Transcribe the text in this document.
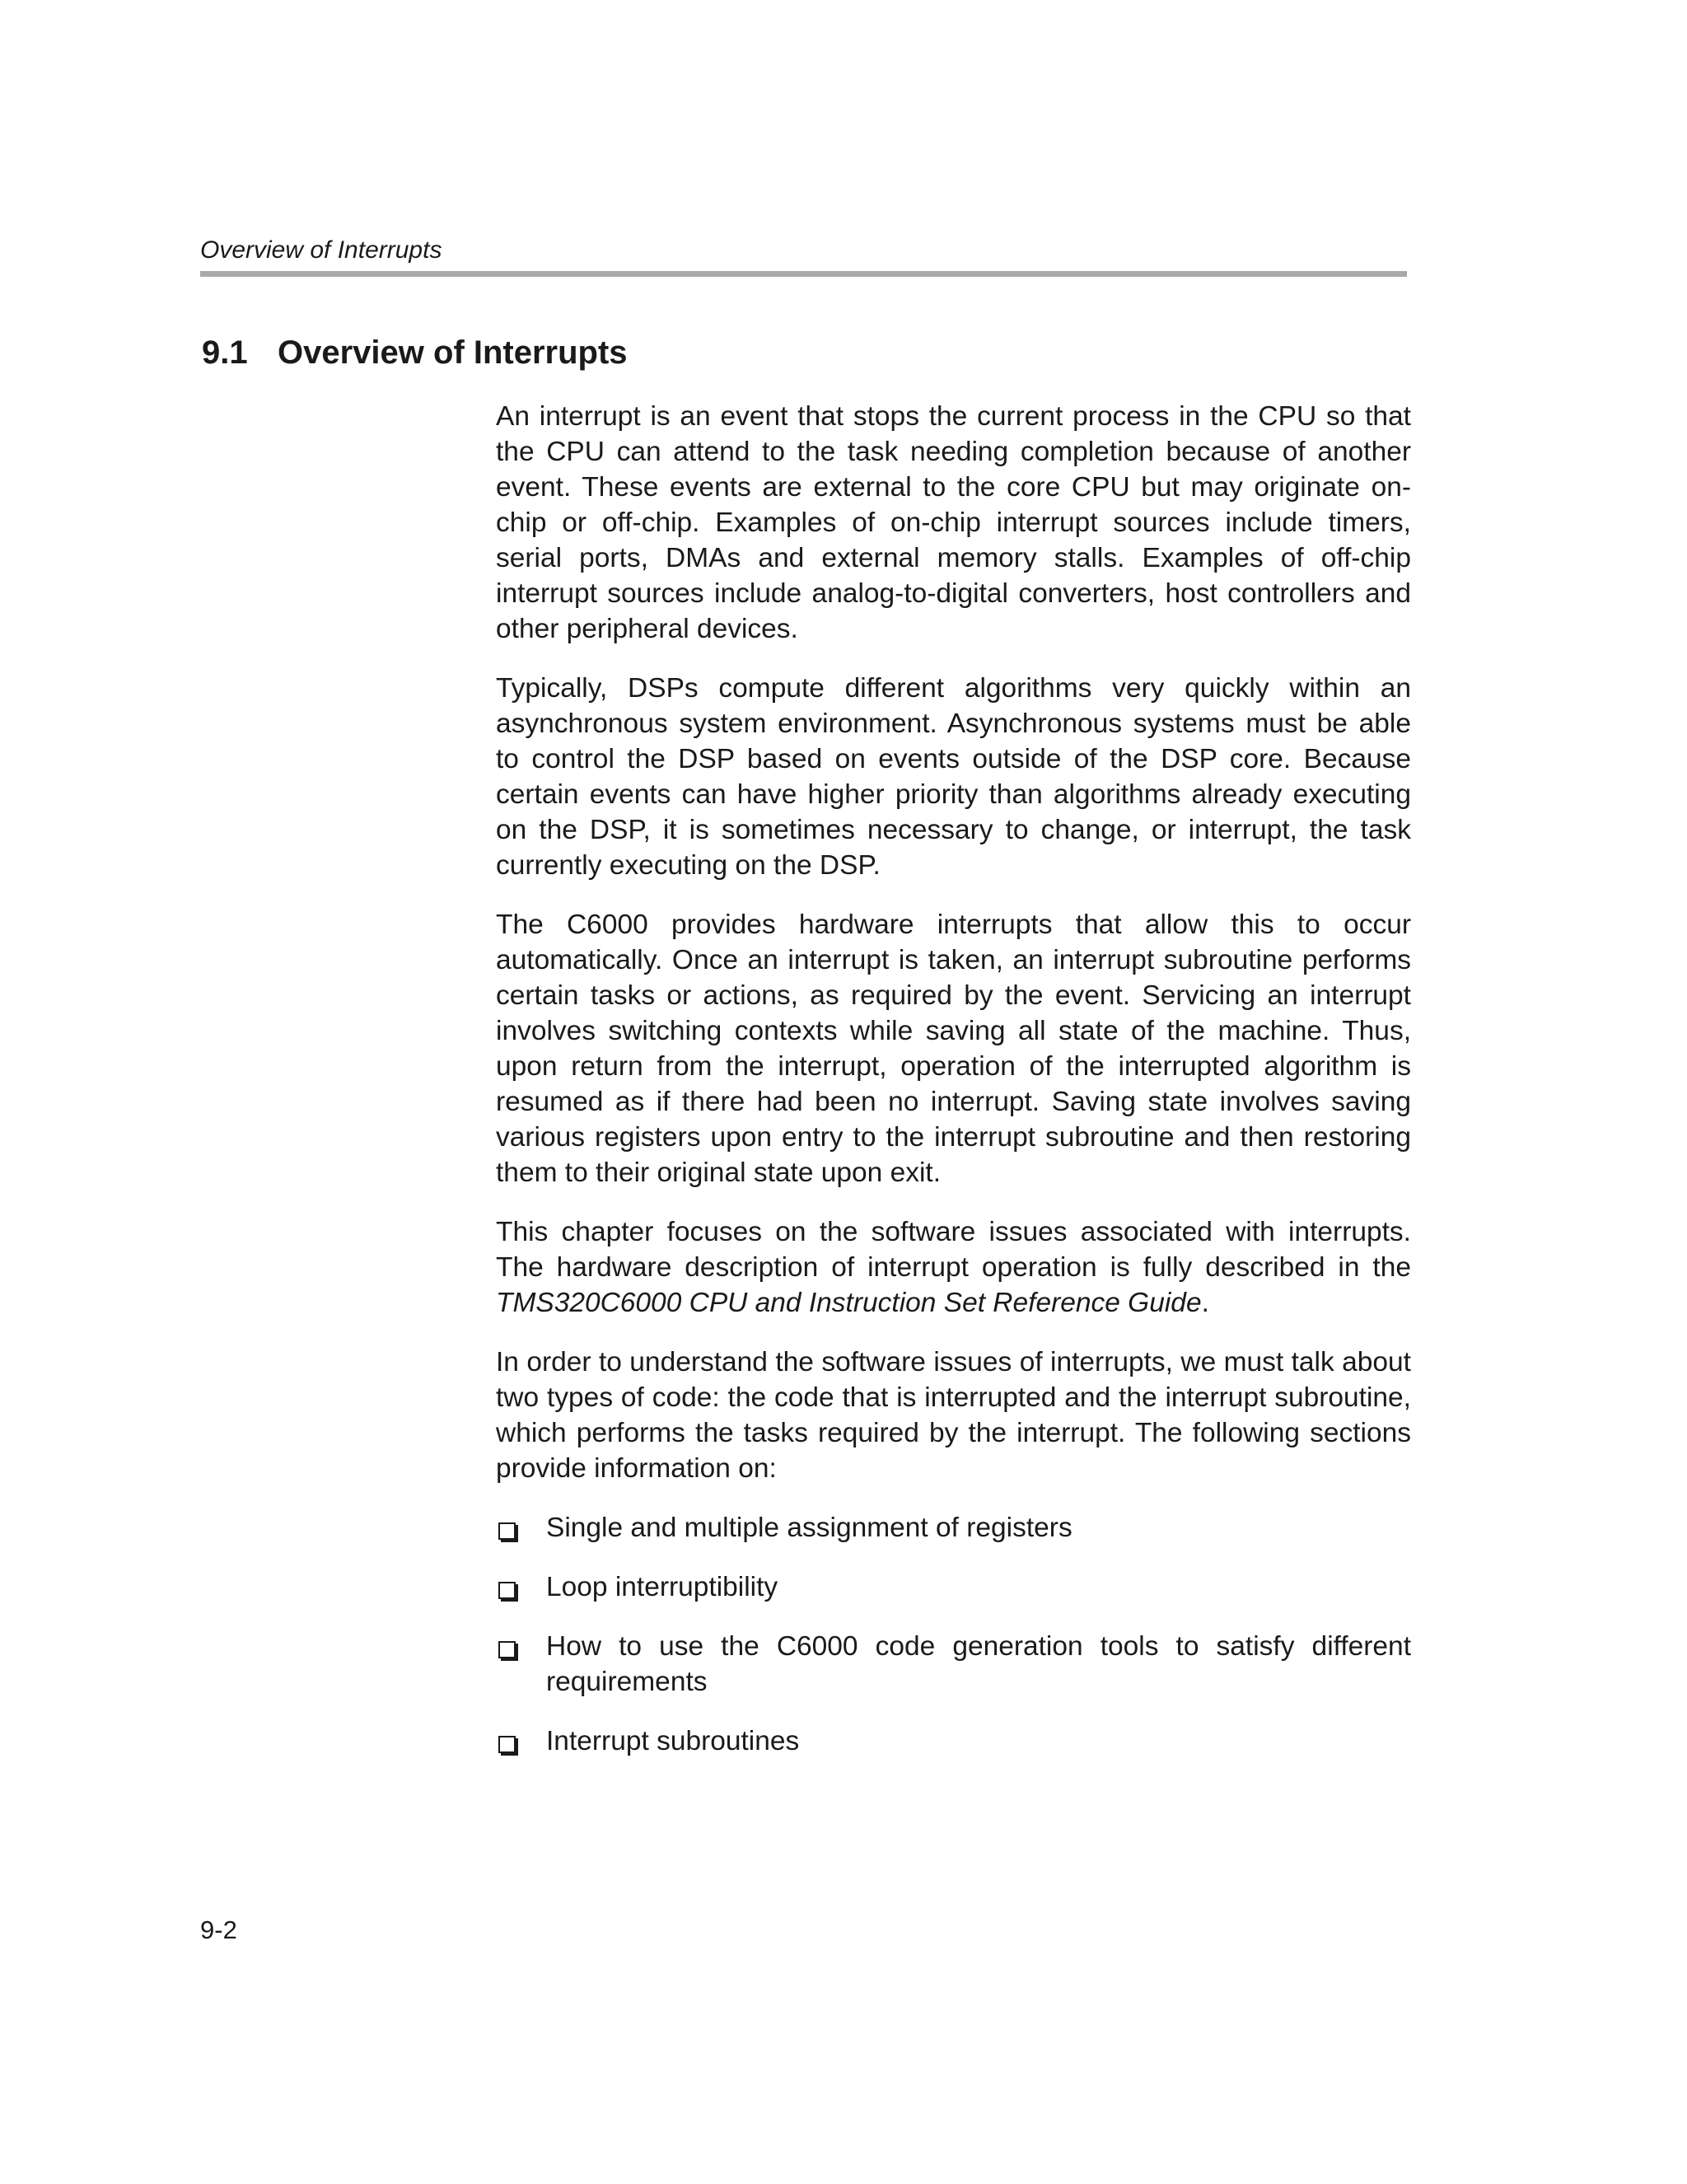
Overview of Interrupts
9.1 Overview of Interrupts

An interrupt is an event that stops the current process in the CPU so that the CPU can attend to the task needing completion because of another event. These events are external to the core CPU but may originate on-chip or off-chip. Examples of on-chip interrupt sources include timers, serial ports, DMAs and external memory stalls. Examples of off-chip interrupt sources include analog-to-digital converters, host controllers and other peripheral devices.

Typically, DSPs compute different algorithms very quickly within an asynchronous system environment. Asynchronous systems must be able to control the DSP based on events outside of the DSP core. Because certain events can have higher priority than algorithms already executing on the DSP, it is sometimes necessary to change, or interrupt, the task currently executing on the DSP.

The C6000 provides hardware interrupts that allow this to occur automatically. Once an interrupt is taken, an interrupt subroutine performs certain tasks or actions, as required by the event. Servicing an interrupt involves switching contexts while saving all state of the machine. Thus, upon return from the interrupt, operation of the interrupted algorithm is resumed as if there had been no interrupt. Saving state involves saving various registers upon entry to the interrupt subroutine and then restoring them to their original state upon exit.

This chapter focuses on the software issues associated with interrupts. The hardware description of interrupt operation is fully described in the TMS320C6000 CPU and Instruction Set Reference Guide.

In order to understand the software issues of interrupts, we must talk about two types of code: the code that is interrupted and the interrupt subroutine, which performs the tasks required by the interrupt. The following sections provide information on:

Single and multiple assignment of registers
Loop interruptibility
How to use the C6000 code generation tools to satisfy different requirements
Interrupt subroutines
9-2
